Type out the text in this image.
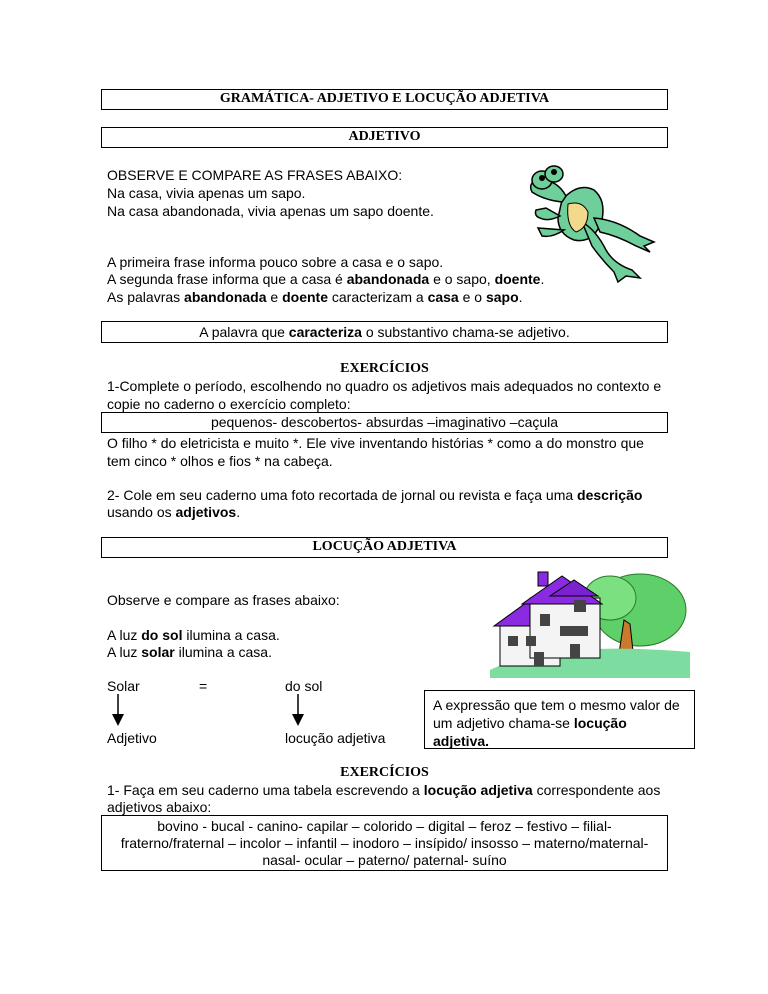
GRAMÁTICA- ADJETIVO E LOCUÇÃO ADJETIVA
ADJETIVO
OBSERVE E COMPARE AS FRASES ABAIXO:
Na casa, vivia apenas um sapo.
Na casa abandonada, vivia apenas um sapo doente.
A primeira frase informa pouco sobre a casa e o sapo.
A segunda frase informa que a casa é abandonada e o sapo, doente.
As palavras abandonada e doente caracterizam a casa e o sapo.
A palavra que caracteriza o substantivo chama-se adjetivo.
EXERCÍCIOS
1-Complete o período, escolhendo no quadro os adjetivos mais adequados no contexto e
copie no caderno o exercício completo:
pequenos- descobertos- absurdas –imaginativo –caçula
O filho * do eletricista e muito *. Ele vive inventando histórias * como a do monstro que
tem cinco * olhos e fios * na cabeça.
2- Cole em seu caderno uma foto recortada de jornal ou revista e faça uma descrição
usando os adjetivos.
LOCUÇÃO ADJETIVA
Observe e compare as frases abaixo:
A luz do sol ilumina a casa.
A luz solar ilumina a casa.
Solar	=	do sol
Adjetivo	locução adjetiva
A expressão que tem o mesmo valor de
um adjetivo chama-se locução adjetiva.
EXERCÍCIOS
1- Faça em seu caderno uma tabela escrevendo a locução adjetiva correspondente aos
adjetivos abaixo:
bovino - bucal - canino- capilar – colorido – digital – feroz – festivo – filial-
fraterno/fraternal – incolor – infantil – inodoro – insípido/ insosso – materno/maternal-
nasal- ocular – paterno/ paternal- suíno
